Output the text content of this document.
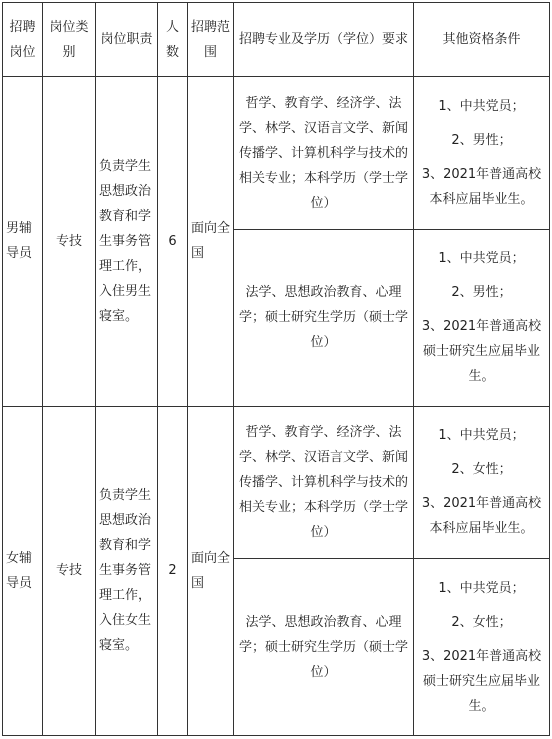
招聘岗位	岗位类别	岗位职责	人数	招聘范围	招聘专业及学历（学位）要求	其他资格条件
男辅导员	专技	负责学生思想政治教育和学生事务管理工作，入住男生寝室。	6	面向全国	哲学、教育学、经济学、法学、林学、汉语言文学、新闻传播学、计算机科学与技术的相关专业；本科学历（学士学位）	1、中共党员；

2、男性；

3、2021年普通高校本科应届毕业生。

					法学、思想政治教育、心理学；硕士研究生学历（硕士学位）	1、中共党员；

2、男性；

3、2021年普通高校硕士研究生应届毕业生。

女辅导员	专技	负责学生思想政治教育和学生事务管理工作，入住女生寝室。	2	面向全国	哲学、教育学、经济学、法学、林学、汉语言文学、新闻传播学、计算机科学与技术的相关专业；本科学历（学士学位）	1、中共党员；

2、女性；

3、2021年普通高校本科应届毕业生。

					法学、思想政治教育、心理学；硕士研究生学历（硕士学位）	1、中共党员；

2、女性；

3、2021年普通高校硕士研究生应届毕业生。
